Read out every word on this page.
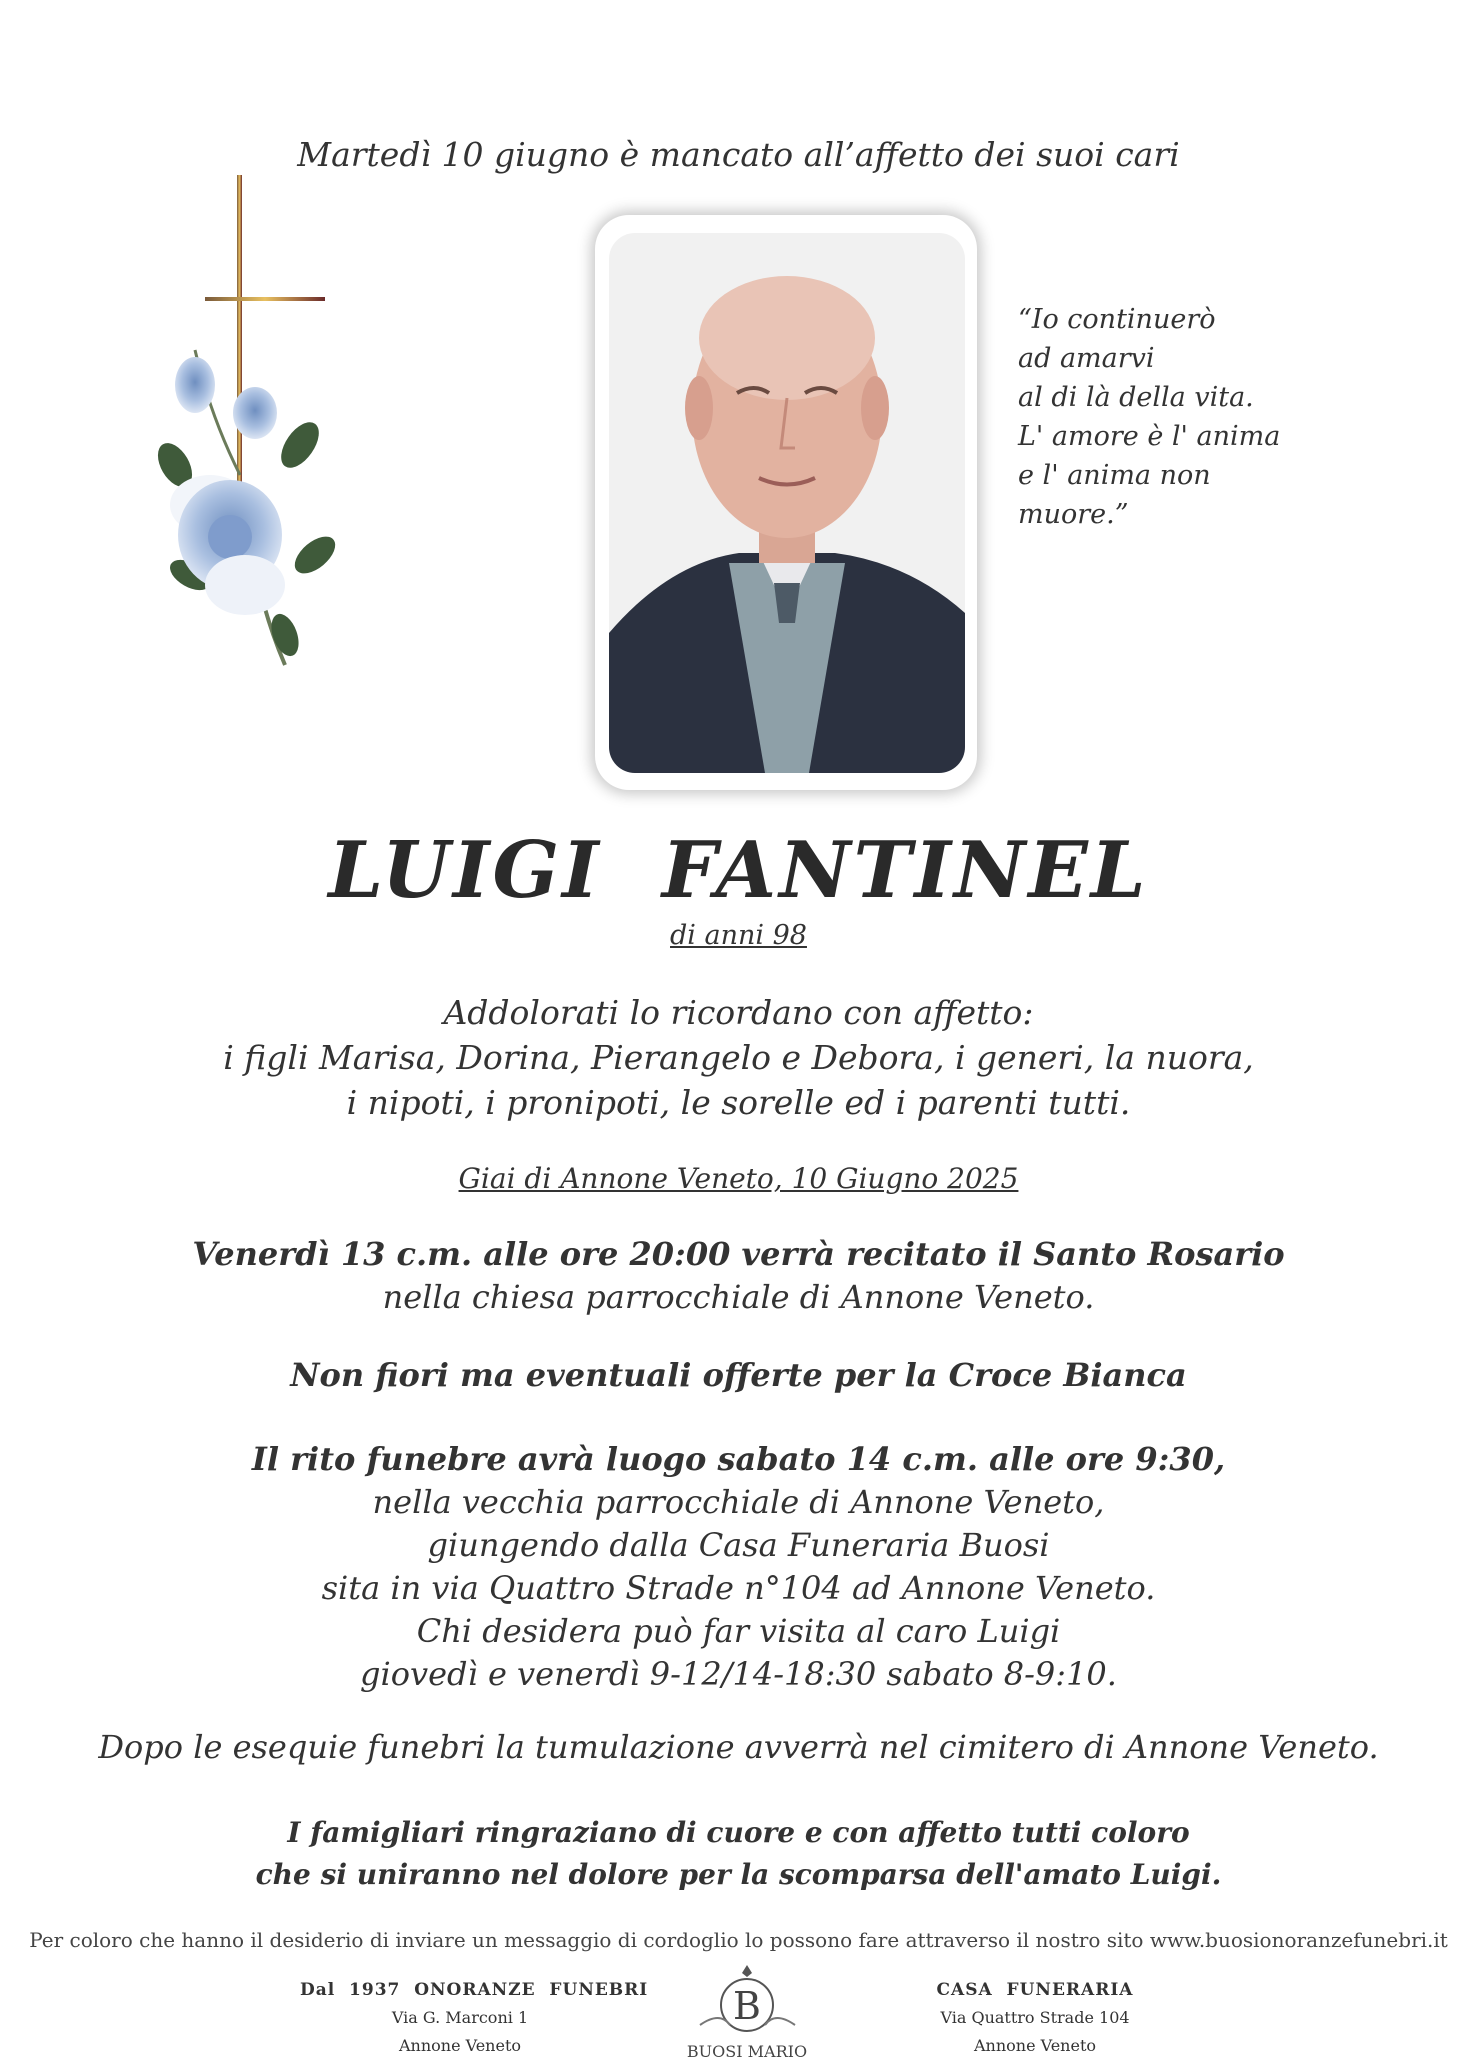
Martedì 10 giugno è mancato all’affetto dei suoi cari
“Io continuerò
ad amarvi
al di là della vita.
L' amore è l' anima
e l' anima non
muore.”
LUIGI  FANTINEL
di anni 98
Addolorati lo ricordano con affetto:
i figli Marisa, Dorina, Pierangelo e Debora, i generi, la nuora,
i nipoti, i pronipoti, le sorelle ed i parenti tutti.
Giai di Annone Veneto, 10 Giugno 2025
Venerdì 13 c.m. alle ore 20:00 verrà recitato il Santo Rosario
nella chiesa parrocchiale di Annone Veneto.
Non fiori ma eventuali offerte per la Croce Bianca
Il rito funebre avrà luogo sabato 14 c.m. alle ore 9:30,
nella vecchia parrocchiale di Annone Veneto,
giungendo dalla Casa Funeraria Buosi
sita in via Quattro Strade n°104 ad Annone Veneto.
Chi desidera può far visita al caro Luigi
giovedì e venerdì 9-12/14-18:30 sabato 8-9:10.
Dopo le esequie funebri la tumulazione avverrà nel cimitero di Annone Veneto.
I famigliari ringraziano di cuore e con affetto tutti coloro
che si uniranno nel dolore per la scomparsa dell'amato Luigi.
Per coloro che hanno il desiderio di inviare un messaggio di cordoglio lo possono fare attraverso il nostro sito www.buosionoranzefunebri.it
Dal  1937  ONORANZE  FUNEBRI
Via G. Marconi 1
Annone Veneto
B
BUOSI MARIO
CASA  FUNERARIA
Via Quattro Strade 104
Annone Veneto
